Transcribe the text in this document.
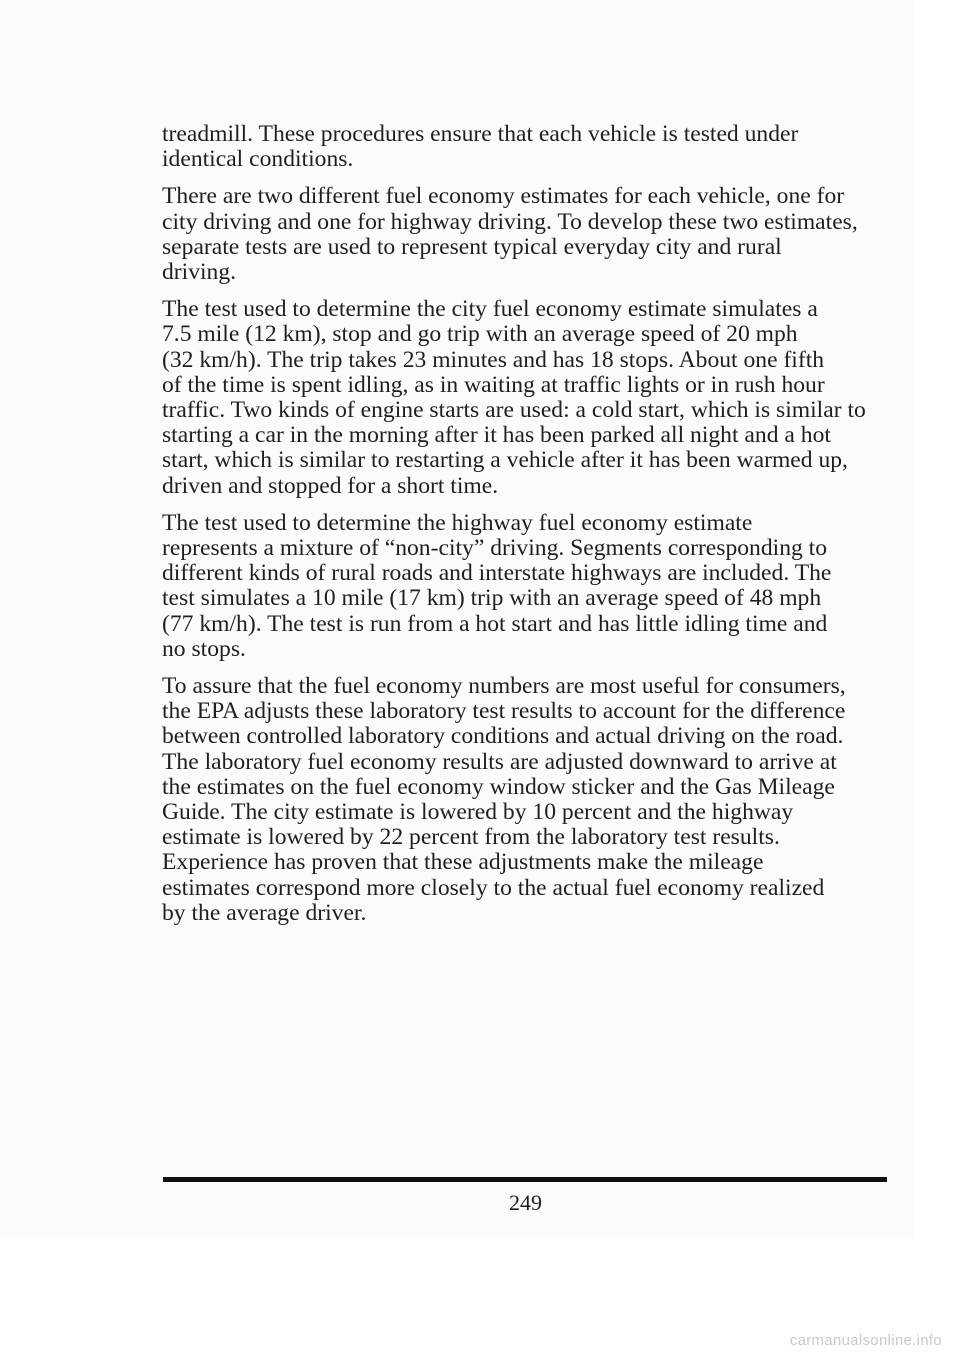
treadmill. These procedures ensure that each vehicle is tested under
identical conditions.

There are two different fuel economy estimates for each vehicle, one for
city driving and one for highway driving. To develop these two estimates,
separate tests are used to represent typical everyday city and rural
driving.

The test used to determine the city fuel economy estimate simulates a
7.5 mile (12 km), stop and go trip with an average speed of 20 mph
(32 km/h). The trip takes 23 minutes and has 18 stops. About one fifth
of the time is spent idling, as in waiting at traffic lights or in rush hour
traffic. Two kinds of engine starts are used: a cold start, which is similar to
starting a car in the morning after it has been parked all night and a hot
start, which is similar to restarting a vehicle after it has been warmed up,
driven and stopped for a short time.

The test used to determine the highway fuel economy estimate
represents a mixture of “non-city” driving. Segments corresponding to
different kinds of rural roads and interstate highways are included. The
test simulates a 10 mile (17 km) trip with an average speed of 48 mph
(77 km/h). The test is run from a hot start and has little idling time and
no stops.

To assure that the fuel economy numbers are most useful for consumers,
the EPA adjusts these laboratory test results to account for the difference
between controlled laboratory conditions and actual driving on the road.
The laboratory fuel economy results are adjusted downward to arrive at
the estimates on the fuel economy window sticker and the Gas Mileage
Guide. The city estimate is lowered by 10 percent and the highway
estimate is lowered by 22 percent from the laboratory test results.
Experience has proven that these adjustments make the mileage
estimates correspond more closely to the actual fuel economy realized
by the average driver.

249
carmanualsonline.info
